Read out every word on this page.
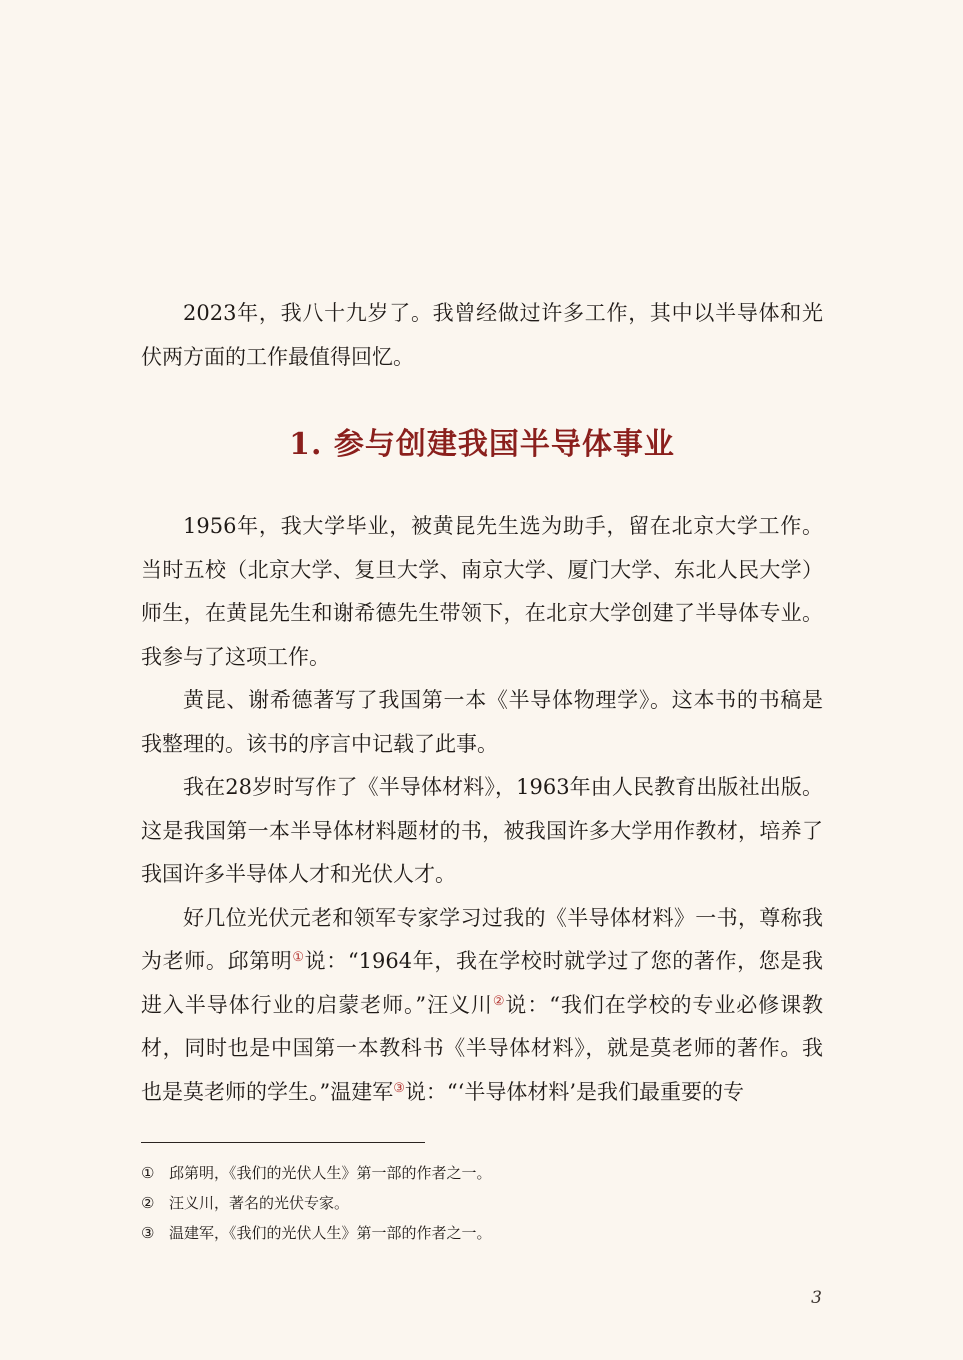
2023年，我八十九岁了。我曾经做过许多工作，其中以半导体和光伏两方面的工作最值得回忆。

1. 参与创建我国半导体事业

1956年，我大学毕业，被黄昆先生选为助手，留在北京大学工作。当时五校（北京大学、复旦大学、南京大学、厦门大学、东北人民大学）师生，在黄昆先生和谢希德先生带领下，在北京大学创建了半导体专业。我参与了这项工作。

黄昆、谢希德著写了我国第一本《半导体物理学》。这本书的书稿是我整理的。该书的序言中记载了此事。

我在28岁时写作了《半导体材料》，1963年由人民教育出版社出版。这是我国第一本半导体材料题材的书，被我国许多大学用作教材，培养了我国许多半导体人才和光伏人才。

好几位光伏元老和领军专家学习过我的《半导体材料》一书，尊称我为老师。邱第明①说：“1964年，我在学校时就学过了您的著作，您是我进入半导体行业的启蒙老师。”汪义川②说：“我们在学校的专业必修课教材，同时也是中国第一本教科书《半导体材料》，就是莫老师的著作。我也是莫老师的学生。”温建军③说：“‘半导体材料’是我们最重要的专

① 邱第明，《我们的光伏人生》第一部的作者之一。

② 汪义川，著名的光伏专家。

③ 温建军，《我们的光伏人生》第一部的作者之一。

3
